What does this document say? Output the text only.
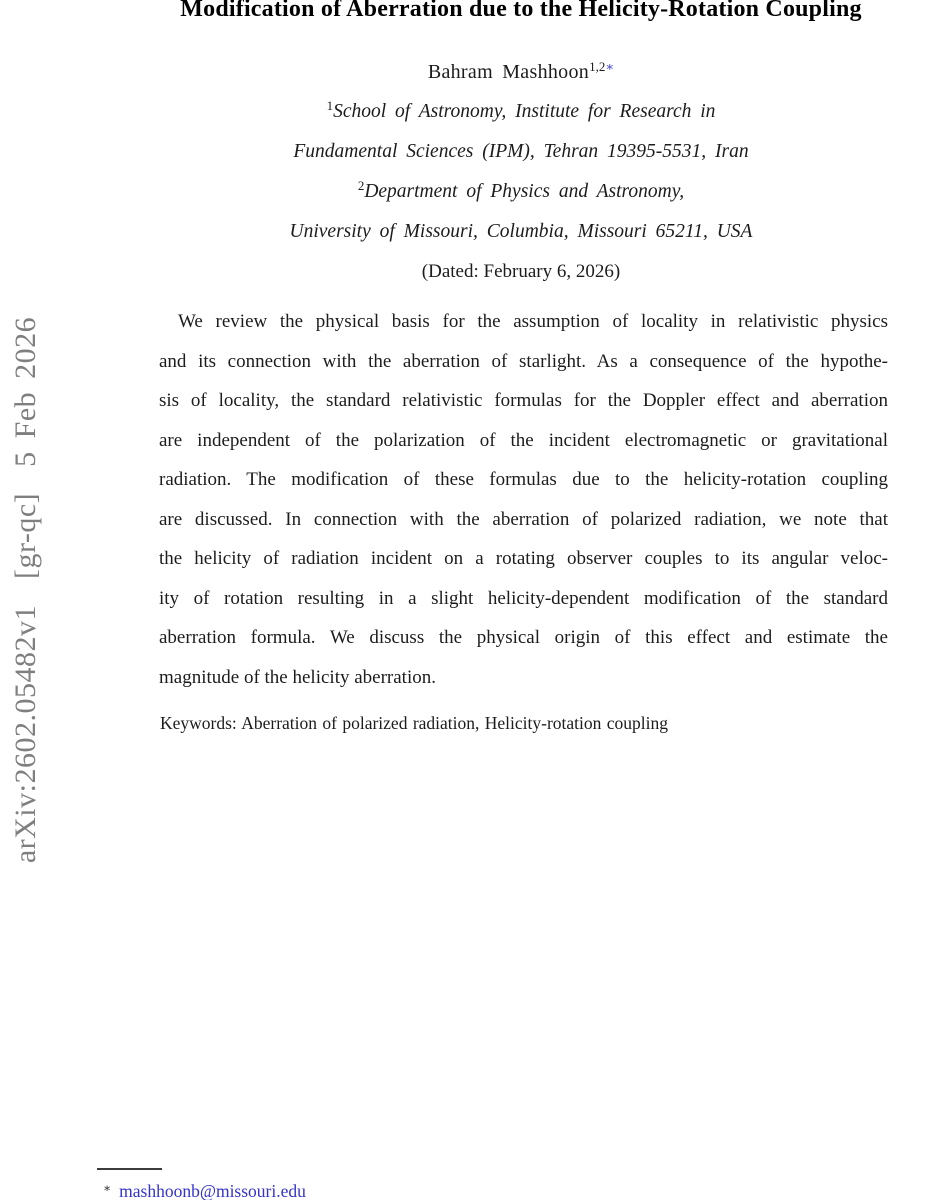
arXiv:2602.05482v1  [gr-qc]  5 Feb 2026
Modification of Aberration due to the Helicity-Rotation Coupling
Bahram Mashhoon$^{1,2∗}$
$^1$School of Astronomy, Institute for Research in
Fundamental Sciences (IPM), Tehran 19395-5531, Iran
$^2$Department of Physics and Astronomy,
University of Missouri, Columbia, Missouri 65211, USA
(Dated: February 6, 2026)
We review the physical basis for the assumption of locality in relativistic physics
and its connection with the aberration of starlight. As a consequence of the hypothe-
sis of locality, the standard relativistic formulas for the Doppler effect and aberration
are independent of the polarization of the incident electromagnetic or gravitational
radiation. The modification of these formulas due to the helicity-rotation coupling
are discussed. In connection with the aberration of polarized radiation, we note that
the helicity of radiation incident on a rotating observer couples to its angular veloc-
ity of rotation resulting in a slight helicity-dependent modification of the standard
aberration formula. We discuss the physical origin of this effect and estimate the
magnitude of the helicity aberration.
Keywords: Aberration of polarized radiation, Helicity-rotation coupling
∗ mashhoonb@missouri.edu
